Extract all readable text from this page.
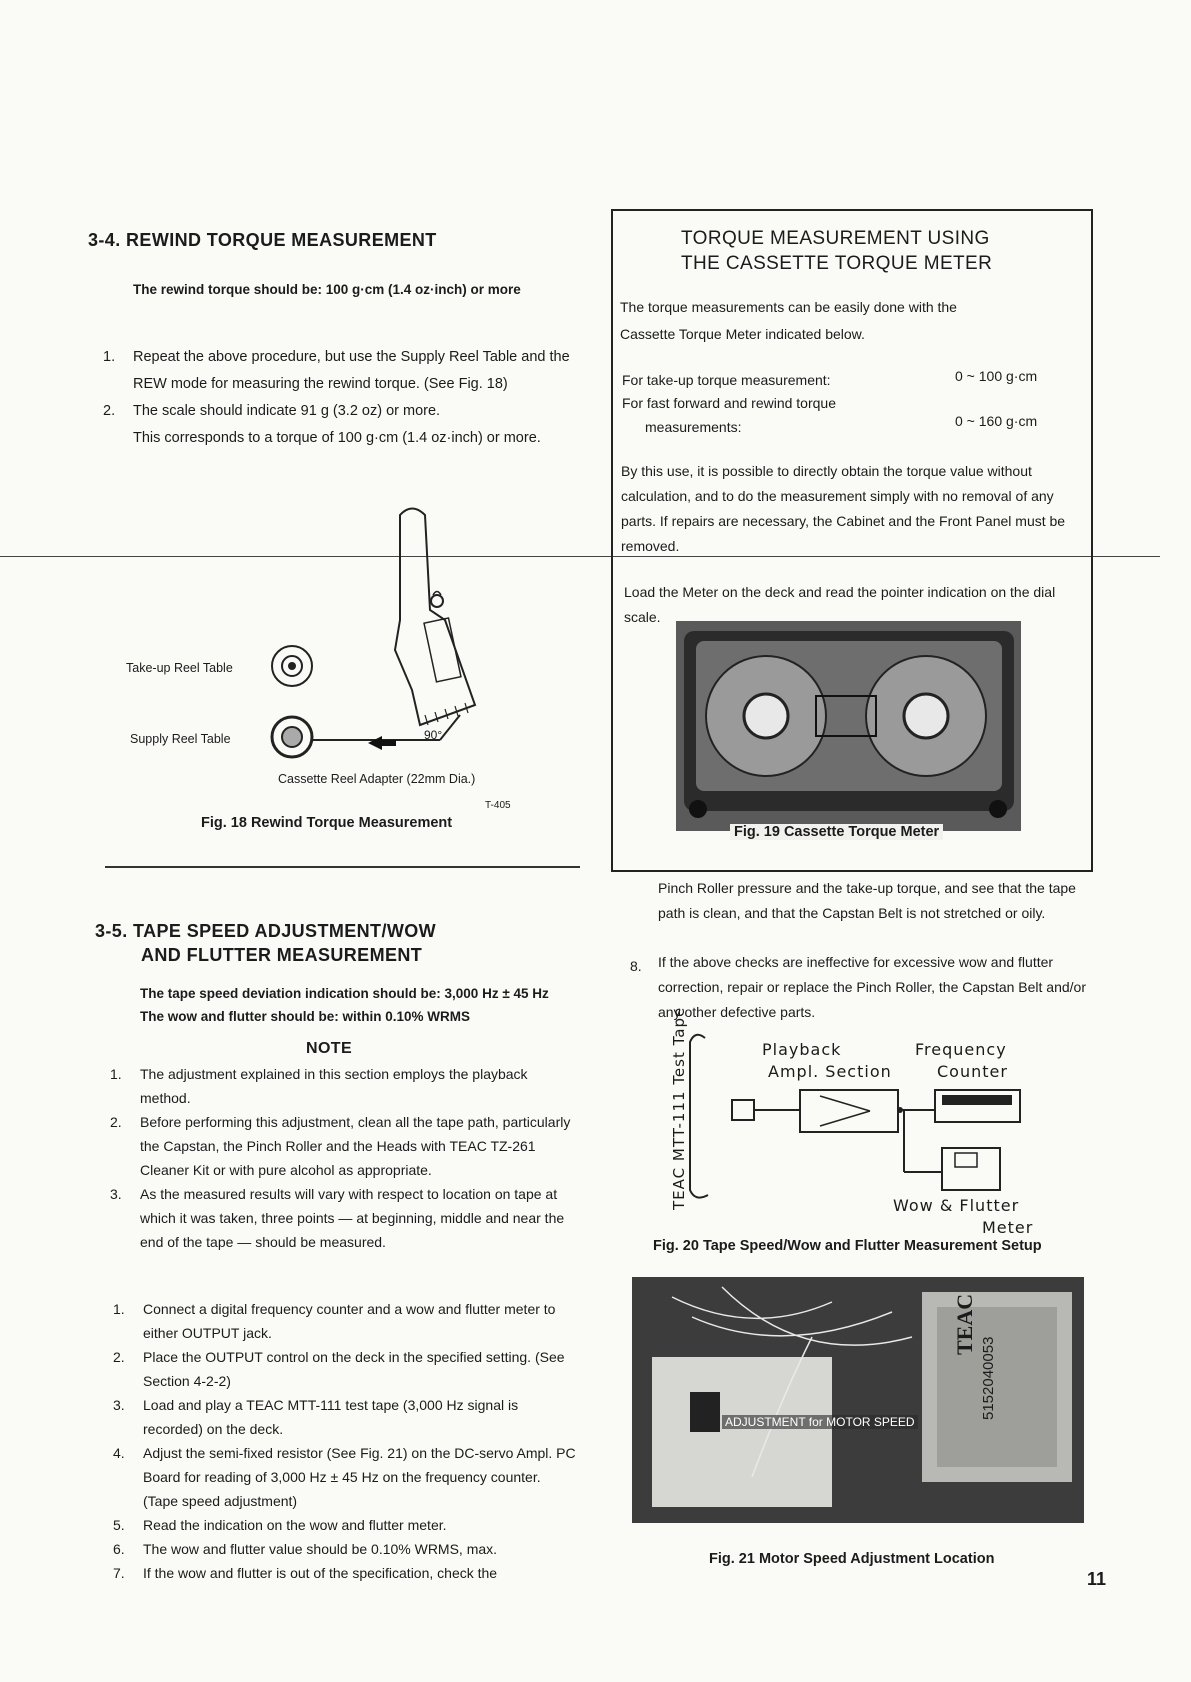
3-4. REWIND TORQUE MEASUREMENT
The rewind torque should be: 100 g·cm (1.4 oz·inch) or more
1. Repeat the above procedure, but use the Supply Reel Table and the REW mode for measuring the rewind torque. (See Fig. 18)
2. The scale should indicate 91 g (3.2 oz) or more.
This corresponds to a torque of 100 g·cm (1.4 oz·inch) or more.
Take-up Reel Table
Supply Reel Table	90°
Cassette Reel Adapter (22mm Dia.)
T-405
Fig. 18 Rewind Torque Measurement
TORQUE MEASUREMENT USING
THE CASSETTE TORQUE METER
The torque measurements can be easily done with the Cassette Torque Meter indicated below.
For take-up torque measurement:	0 ~ 100 g·cm
For fast forward and rewind torque
measurements:	0 ~ 160 g·cm
By this use, it is possible to directly obtain the torque value without calculation, and to do the measurement simply with no removal of any parts. If repairs are necessary, the Cabinet and the Front Panel must be removed.
Load the Meter on the deck and read the pointer indication on the dial scale.
Fig. 19 Cassette Torque Meter
Pinch Roller pressure and the take-up torque, and see that the tape path is clean, and that the Capstan Belt is not stretched or oily.
8. If the above checks are ineffective for excessive wow and flutter correction, repair or replace the Pinch Roller, the Capstan Belt and/or any other defective parts.
TEAC MTT-111 Test Tape	Playback
Ampl. Section
Frequency
Counter
Wow & Flutter
Meter
Fig. 20 Tape Speed/Wow and Flutter Measurement Setup
ADJUSTMENT for MOTOR SPEED
TEAC
5152040053
Fig. 21 Motor Speed Adjustment Location
3-5. TAPE SPEED ADJUSTMENT/WOW
AND FLUTTER MEASUREMENT
The tape speed deviation indication should be: 3,000 Hz ± 45 Hz
The wow and flutter should be: within 0.10% WRMS
NOTE
1. The adjustment explained in this section employs the playback method.
2. Before performing this adjustment, clean all the tape path, particularly the Capstan, the Pinch Roller and the Heads with TEAC TZ-261 Cleaner Kit or with pure alcohol as appropriate.
3. As the measured results will vary with respect to location on tape at which it was taken, three points — at beginning, middle and near the end of the tape — should be measured.
1. Connect a digital frequency counter and a wow and flutter meter to either OUTPUT jack.
2. Place the OUTPUT control on the deck in the specified setting. (See Section 4-2-2)
3. Load and play a TEAC MTT-111 test tape (3,000 Hz signal is recorded) on the deck.
4. Adjust the semi-fixed resistor (See Fig. 21) on the DC-servo Ampl. PC Board for reading of 3,000 Hz ± 45 Hz on the frequency counter. (Tape speed adjustment)
5. Read the indication on the wow and flutter meter.
6. The wow and flutter value should be 0.10% WRMS, max.
7. If the wow and flutter is out of the specification, check the	11
